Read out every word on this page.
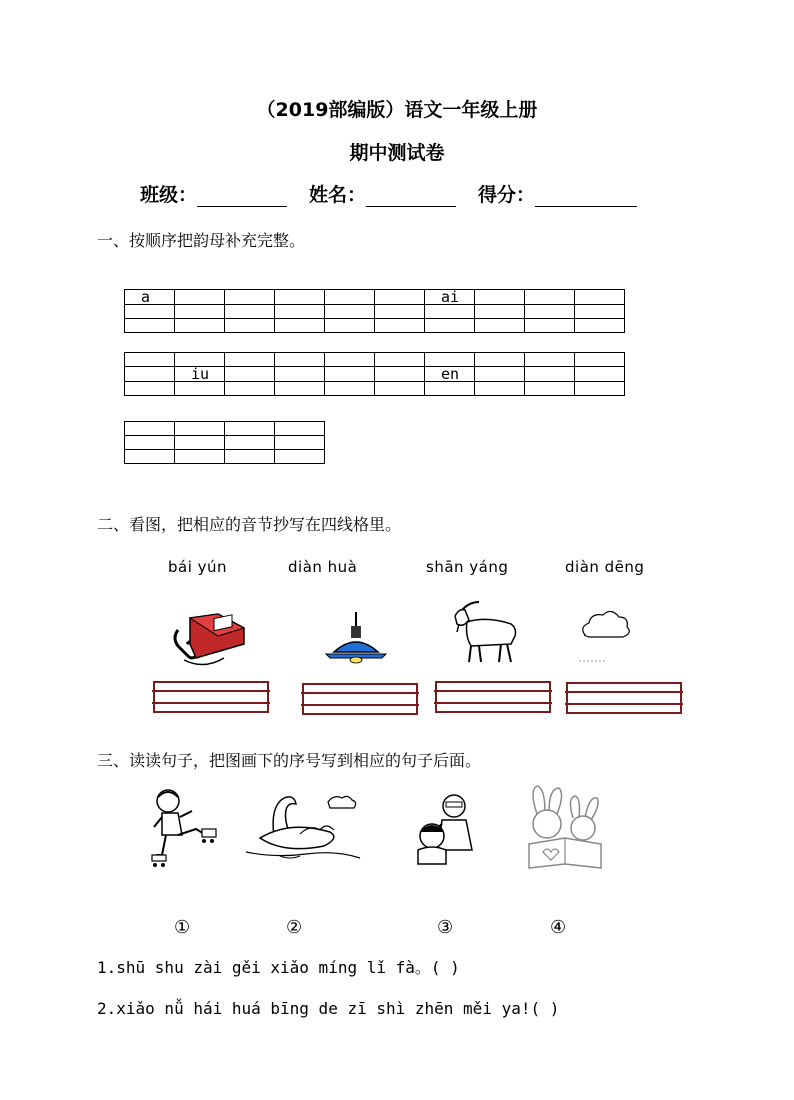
（2019部编版）语文一年级上册
期中测试卷
班级：	姓名：	得分：
一、按顺序把韵母补充完整。
a						ai			

	iu					en			

二、看图，把相应的音节抄写在四线格里。
bái yún	diàn huà	shān yáng	diàn dēng
三、读读句子，把图画下的序号写到相应的句子后面。
①	②	③	④
1.shū shu zài gěi xiǎo míng lǐ fà。( )
2.xiǎo nǚ hái huá bīng de zī shì zhēn měi ya!( )
